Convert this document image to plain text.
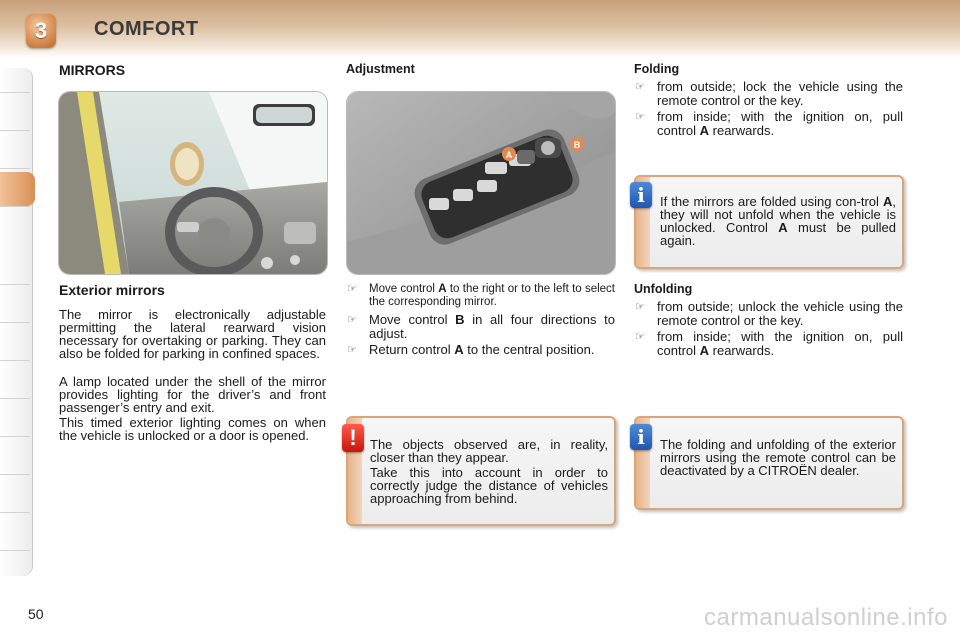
3	COMFORT
MIRRORS
Exterior mirrors

The mirror is electronically adjustable permitting the lateral rearward vision necessary for overtaking or parking. They can also be folded for parking in confined spaces.

A lamp located under the shell of the mirror provides lighting for the driver’s and front passenger’s entry and exit.

This timed exterior lighting comes on when the vehicle is unlocked or a door is opened.

Adjustment
A
B
☞ Move control A to the right or to the left to select the corresponding mirror.
☞ Move control B in all four directions to adjust.
☞ Return control A to the central position.
The objects observed are, in reality, closer than they appear.
Take this into account in order to correctly judge the distance of vehicles approaching from behind.
!
Folding
☞ from outside; lock the vehicle using the remote control or the key.
☞ from inside; with the ignition on, pull control A rearwards.
If the mirrors are folded using con-trol A, they will not unfold when the vehicle is unlocked. Control A must be pulled again.
i
Unfolding
☞ from outside; unlock the vehicle using the remote control or the key.
☞ from inside; with the ignition on, pull control A rearwards.
The folding and unfolding of the exterior mirrors using the remote control can be deactivated by a CITROËN dealer.
i
50	carmanualsonline.info
